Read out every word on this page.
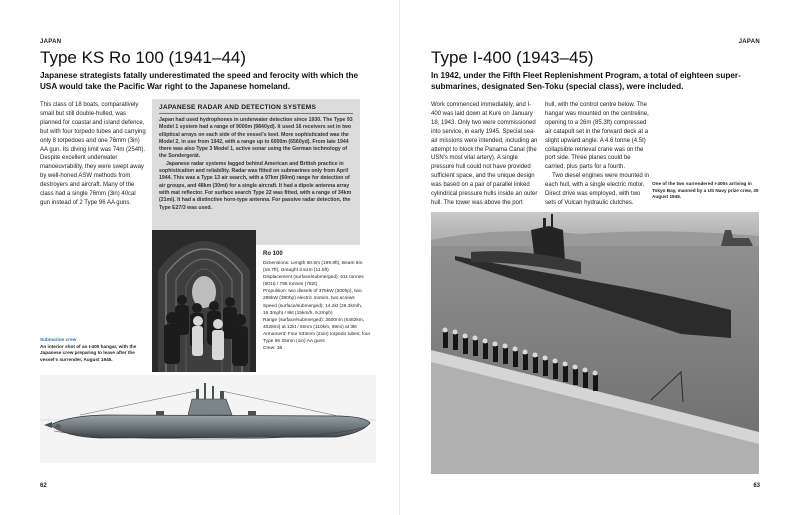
JAPAN
Type KS Ro 100 (1941–44)
Japanese strategists fatally underestimated the speed and ferocity with which the USA would take the Pacific War right to the Japanese homeland.
This class of 18 boats, comparatively small but still double-hulled, was planned for coastal and island defence, but with four torpedo tubes and carrying only 8 torpedoes and one 76mm (3in) AA gun. Its diving limit was 74m (254ft). Despite excellent underwater manoeuvrability, they were swept away by well-honed ASW methods from destroyers and aircraft. Many of the class had a single 76mm (3in) 40cal gun instead of 2 Type 96 AA guns.
JAPANESE RADAR AND DETECTION SYSTEMS

Japan had used hydrophones in underwater detection since 1930. The Type 93 Model 1 system had a range of 9000m (9840yd). It used 16 receivers set in two elliptical arrays on each side of the vessel's keel. More sophisticated was the Model 2, in use from 1942, with a range up to 6000m (6560yd). From late 1944 there was also Type 3 Model 1, active sonar using the German technology of the Sondergerät.

Japanese radar systems lagged behind American and British practice in sophistication and reliability. Radar was fitted on submarines only from April 1944. This was a Type 13 air search, with a 97km (60mi) range for detection of air groups, and 48km (30mi) for a single aircraft. It had a dipole antenna array with mat reflector. For surface search Type 22 was fitted, with a range of 34km (21mi). It had a distinctive horn-type antenna. For passive radar detection, the Type E27/3 was used.

Ro 100
Dimensions: Length 60.9m (199.8ft), Beam 6m (19.7ft), Draught 3.51m (11.5ft)
Displacement (surface/submerged): 611 tonnes (601t) / 795 tonnes (782t)
Propulsion: two diesels of 375kW (500hp), two 285kW (380hp) electric motors, two screws
Speed (surface/submerged): 14.2kt (26.3km/h, 16.3mph) / 8kt (15km/h, 9.2mph)
Range (surface/submerged): 3500nm (6482km, 4028mi) at 12kt / 60nm (110km, 69mi) at 3kt
Armament: Four 533mm (21in) torpedo tubes; four Type 96 25mm (1in) AA guns
Crew: 38
Submarine crew
An interior shot of an I-400 hangar, with the Japanese crew preparing to leave after the vessel's surrender, August 1945.
62
JAPAN
Type I-400 (1943–45)
In 1942, under the Fifth Fleet Replenishment Program, a total of eighteen super-submarines, designated Sen-Toku (special class), were included.
Work commenced immediately, and I-400 was laid down at Kure on January 18, 1943. Only two were commissioned into service, in early 1945. Special sea-air missions were intended, including an attempt to block the Panama Canal (the USN's most vital artery). A single pressure hull could not have provided sufficient space, and the unique design was based on a pair of parallel linked cylindrical pressure hulls inside an outer hull. The tower was above the port
hull, with the control centre below. The hangar was mounted on the centreline, opening to a 26m (85.3ft) compressed air catapult set in the forward deck at a slight upward angle. A 4.6 tonne (4.5t) collapsible retrieval crane was on the port side. Three planes could be carried, plus parts for a fourth.
Two diesel engines were mounted in each hull, with a single electric motor. Direct drive was employed, with two sets of Vulcan hydraulic clutches.
One of the two surrendered I-400s arriving in Tokyo Bay, manned by a US Navy prize crew, 30 August 1945.
63
